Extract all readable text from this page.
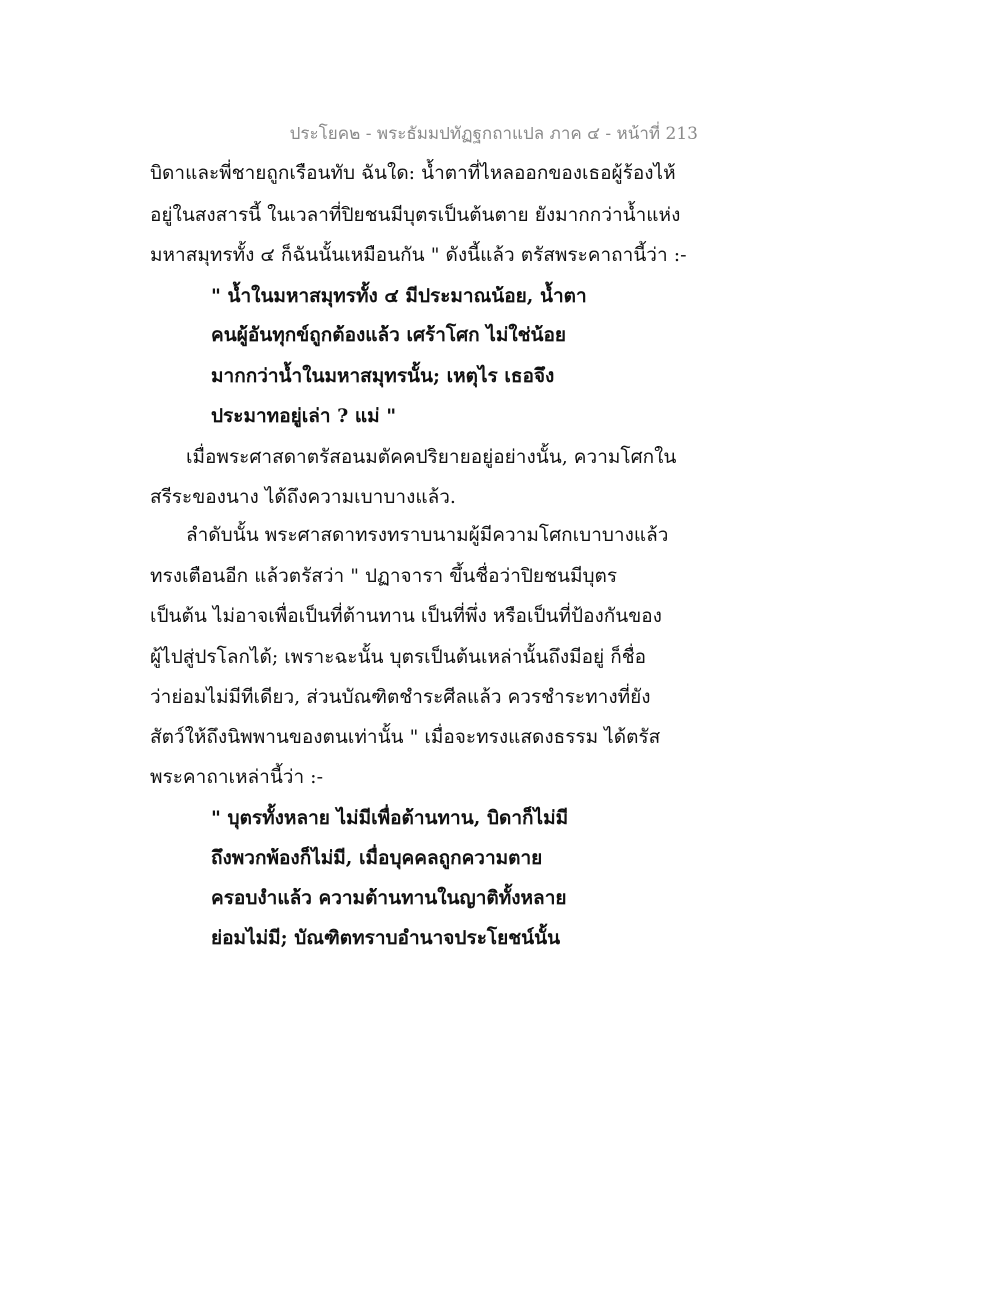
ประโยค๒ - พระธัมมปทัฏฐกถาแปล ภาค ๔ - หน้าที่ 213
บิดาและพี่ชายถูกเรือนทับ ฉันใด: น้ำตาที่ไหลออกของเธอผู้ร้องไห้
อยู่ในสงสารนี้ ในเวลาที่ปิยชนมีบุตรเป็นต้นตาย ยังมากกว่าน้ำแห่ง
มหาสมุทรทั้ง ๔ ก็ฉันนั้นเหมือนกัน " ดังนี้แล้ว ตรัสพระคาถานี้ว่า :-
" น้ำในมหาสมุทรทั้ง ๔ มีประมาณน้อย, น้ำตา
คนผู้อันทุกข์ถูกต้องแล้ว เศร้าโศก ไม่ใช่น้อย
มากกว่าน้ำในมหาสมุทรนั้น; เหตุไร เธอจึง
ประมาทอยู่เล่า ? แม่ "
เมื่อพระศาสดาตรัสอนมตัคคปริยายอยู่อย่างนั้น, ความโศกใน
สรีระของนาง ได้ถึงความเบาบางแล้ว.
ลำดับนั้น พระศาสดาทรงทราบนามผู้มีความโศกเบาบางแล้ว
ทรงเตือนอีก แล้วตรัสว่า " ปฏาจารา ขึ้นชื่อว่าปิยชนมีบุตร
เป็นต้น ไม่อาจเพื่อเป็นที่ต้านทาน เป็นที่พึ่ง หรือเป็นที่ป้องกันของ
ผู้ไปสู่ปรโลกได้; เพราะฉะนั้น บุตรเป็นต้นเหล่านั้นถึงมีอยู่ ก็ชื่อ
ว่าย่อมไม่มีทีเดียว, ส่วนบัณฑิตชำระศีลแล้ว ควรชำระทางที่ยัง
สัตว์ให้ถึงนิพพานของตนเท่านั้น " เมื่อจะทรงแสดงธรรม ได้ตรัส
พระคาถาเหล่านี้ว่า :-
" บุตรทั้งหลาย ไม่มีเพื่อต้านทาน, บิดาก็ไม่มี
ถึงพวกพ้องก็ไม่มี, เมื่อบุคคลถูกความตาย
ครอบงำแล้ว ความต้านทานในญาติทั้งหลาย
ย่อมไม่มี; บัณฑิตทราบอำนาจประโยชน์นั้น
